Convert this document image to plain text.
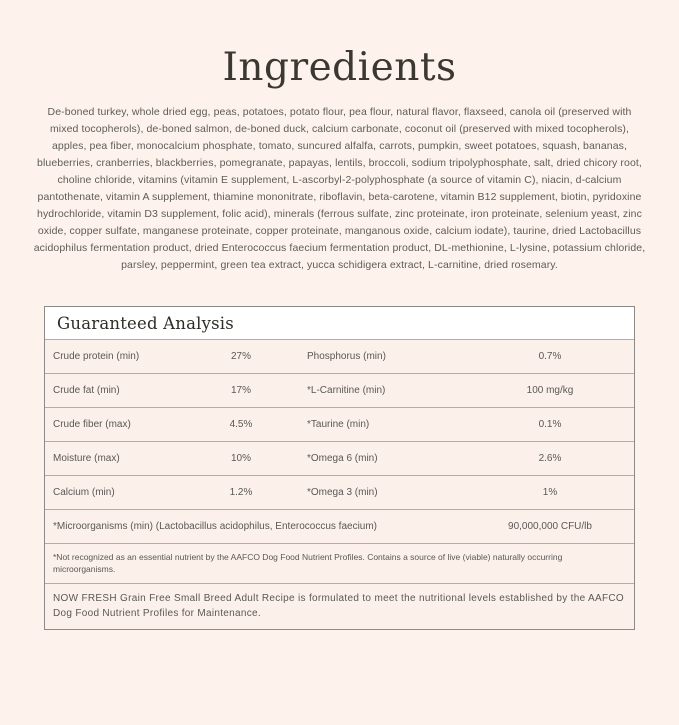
Ingredients

De-boned turkey, whole dried egg, peas, potatoes, potato flour, pea flour, natural flavor, flaxseed, canola oil (preserved with mixed tocopherols), de-boned salmon, de-boned duck, calcium carbonate, coconut oil (preserved with mixed tocopherols), apples, pea fiber, monocalcium phosphate, tomato, suncured alfalfa, carrots, pumpkin, sweet potatoes, squash, bananas, blueberries, cranberries, blackberries, pomegranate, papayas, lentils, broccoli, sodium tripolyphosphate, salt, dried chicory root, choline chloride, vitamins (vitamin E supplement, L-ascorbyl-2-polyphosphate (a source of vitamin C), niacin, d-calcium pantothenate, vitamin A supplement, thiamine mononitrate, riboflavin, beta-carotene, vitamin B12 supplement, biotin, pyridoxine hydrochloride, vitamin D3 supplement, folic acid), minerals (ferrous sulfate, zinc proteinate, iron proteinate, selenium yeast, zinc oxide, copper sulfate, manganese proteinate, copper proteinate, manganous oxide, calcium iodate), taurine, dried Lactobacillus acidophilus fermentation product, dried Enterococcus faecium fermentation product, DL-methionine, L-lysine, potassium chloride, parsley, peppermint, green tea extract, yucca schidigera extract, L-carnitine, dried rosemary.

Guaranteed Analysis
Crude protein (min)	27%	Phosphorus (min)	0.7%
Crude fat (min)	17%	*L-Carnitine (min)	100 mg/kg
Crude fiber (max)	4.5%	*Taurine (min)	0.1%
Moisture (max)	10%	*Omega 6 (min)	2.6%
Calcium (min)	1.2%	*Omega 3 (min)	1%
*Microorganisms (min) (Lactobacillus acidophilus, Enterococcus faecium)	90,000,000 CFU/lb
*Not recognized as an essential nutrient by the AAFCO Dog Food Nutrient Profiles. Contains a source of live (viable) naturally occurring microorganisms.
NOW FRESH Grain Free Small Breed Adult Recipe is formulated to meet the nutritional levels established by the AAFCO Dog Food Nutrient Profiles for Maintenance.
